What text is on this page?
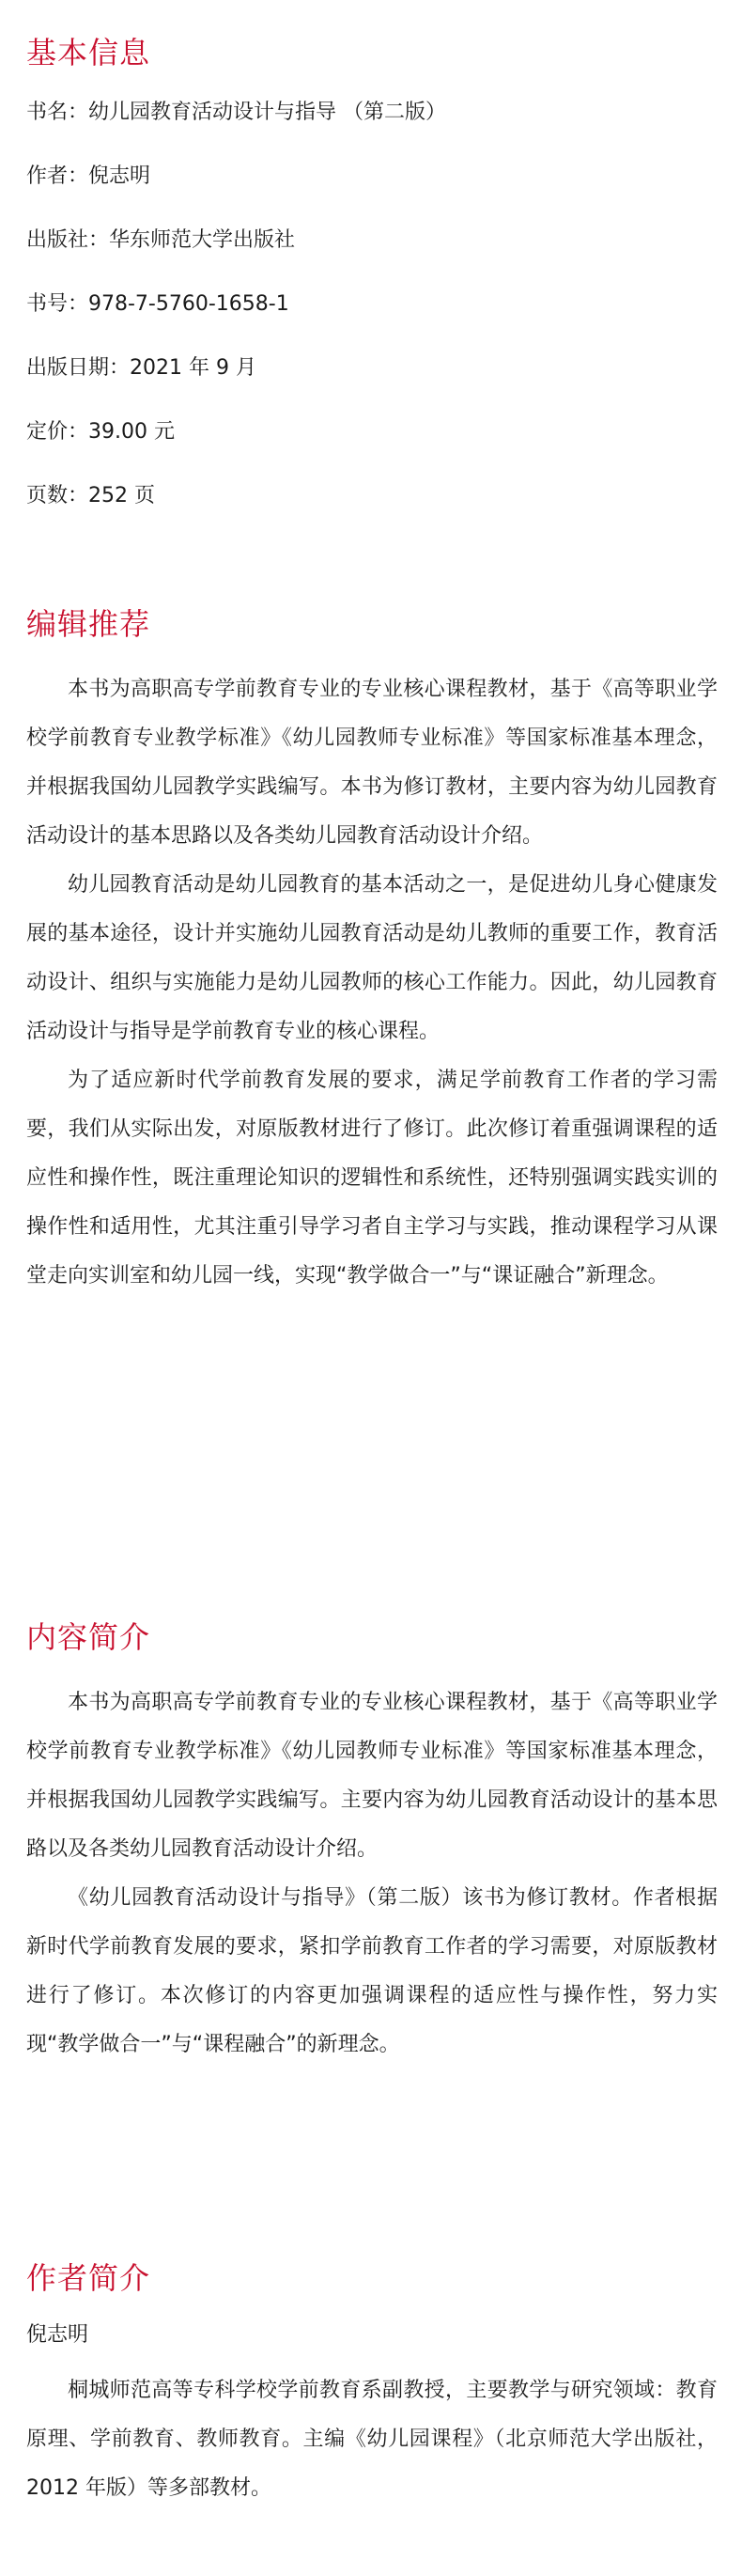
基本信息
书名：幼儿园教育活动设计与指导 （第二版）
作者：倪志明
出版社：华东师范大学出版社
书号：978-7-5760-1658-1
出版日期：2021 年 9 月
定价：39.00 元
页数：252 页
编辑推荐

本书为高职高专学前教育专业的专业核心课程教材，基于《高等职业学校学前教育专业教学标准》《幼儿园教师专业标准》等国家标准基本理念，并根据我国幼儿园教学实践编写。本书为修订教材，主要内容为幼儿园教育活动设计的基本思路以及各类幼儿园教育活动设计介绍。

幼儿园教育活动是幼儿园教育的基本活动之一，是促进幼儿身心健康发展的基本途径，设计并实施幼儿园教育活动是幼儿教师的重要工作，教育活动设计、组织与实施能力是幼儿园教师的核心工作能力。因此，幼儿园教育活动设计与指导是学前教育专业的核心课程。

为了适应新时代学前教育发展的要求，满足学前教育工作者的学习需要，我们从实际出发，对原版教材进行了修订。此次修订着重强调课程的适应性和操作性，既注重理论知识的逻辑性和系统性，还特别强调实践实训的操作性和适用性，尤其注重引导学习者自主学习与实践，推动课程学习从课堂走向实训室和幼儿园一线，实现“教学做合一”与“课证融合”新理念。

内容简介

本书为高职高专学前教育专业的专业核心课程教材，基于《高等职业学校学前教育专业教学标准》《幼儿园教师专业标准》等国家标准基本理念，并根据我国幼儿园教学实践编写。主要内容为幼儿园教育活动设计的基本思路以及各类幼儿园教育活动设计介绍。

《幼儿园教育活动设计与指导》（第二版）该书为修订教材。作者根据新时代学前教育发展的要求，紧扣学前教育工作者的学习需要，对原版教材进行了修订。本次修订的内容更加强调课程的适应性与操作性，努力实现“教学做合一”与“课程融合”的新理念。

作者简介
倪志明

桐城师范高等专科学校学前教育系副教授，主要教学与研究领域：教育原理、学前教育、教师教育。主编《幼儿园课程》（北京师范大学出版社，2012 年版）等多部教材。
